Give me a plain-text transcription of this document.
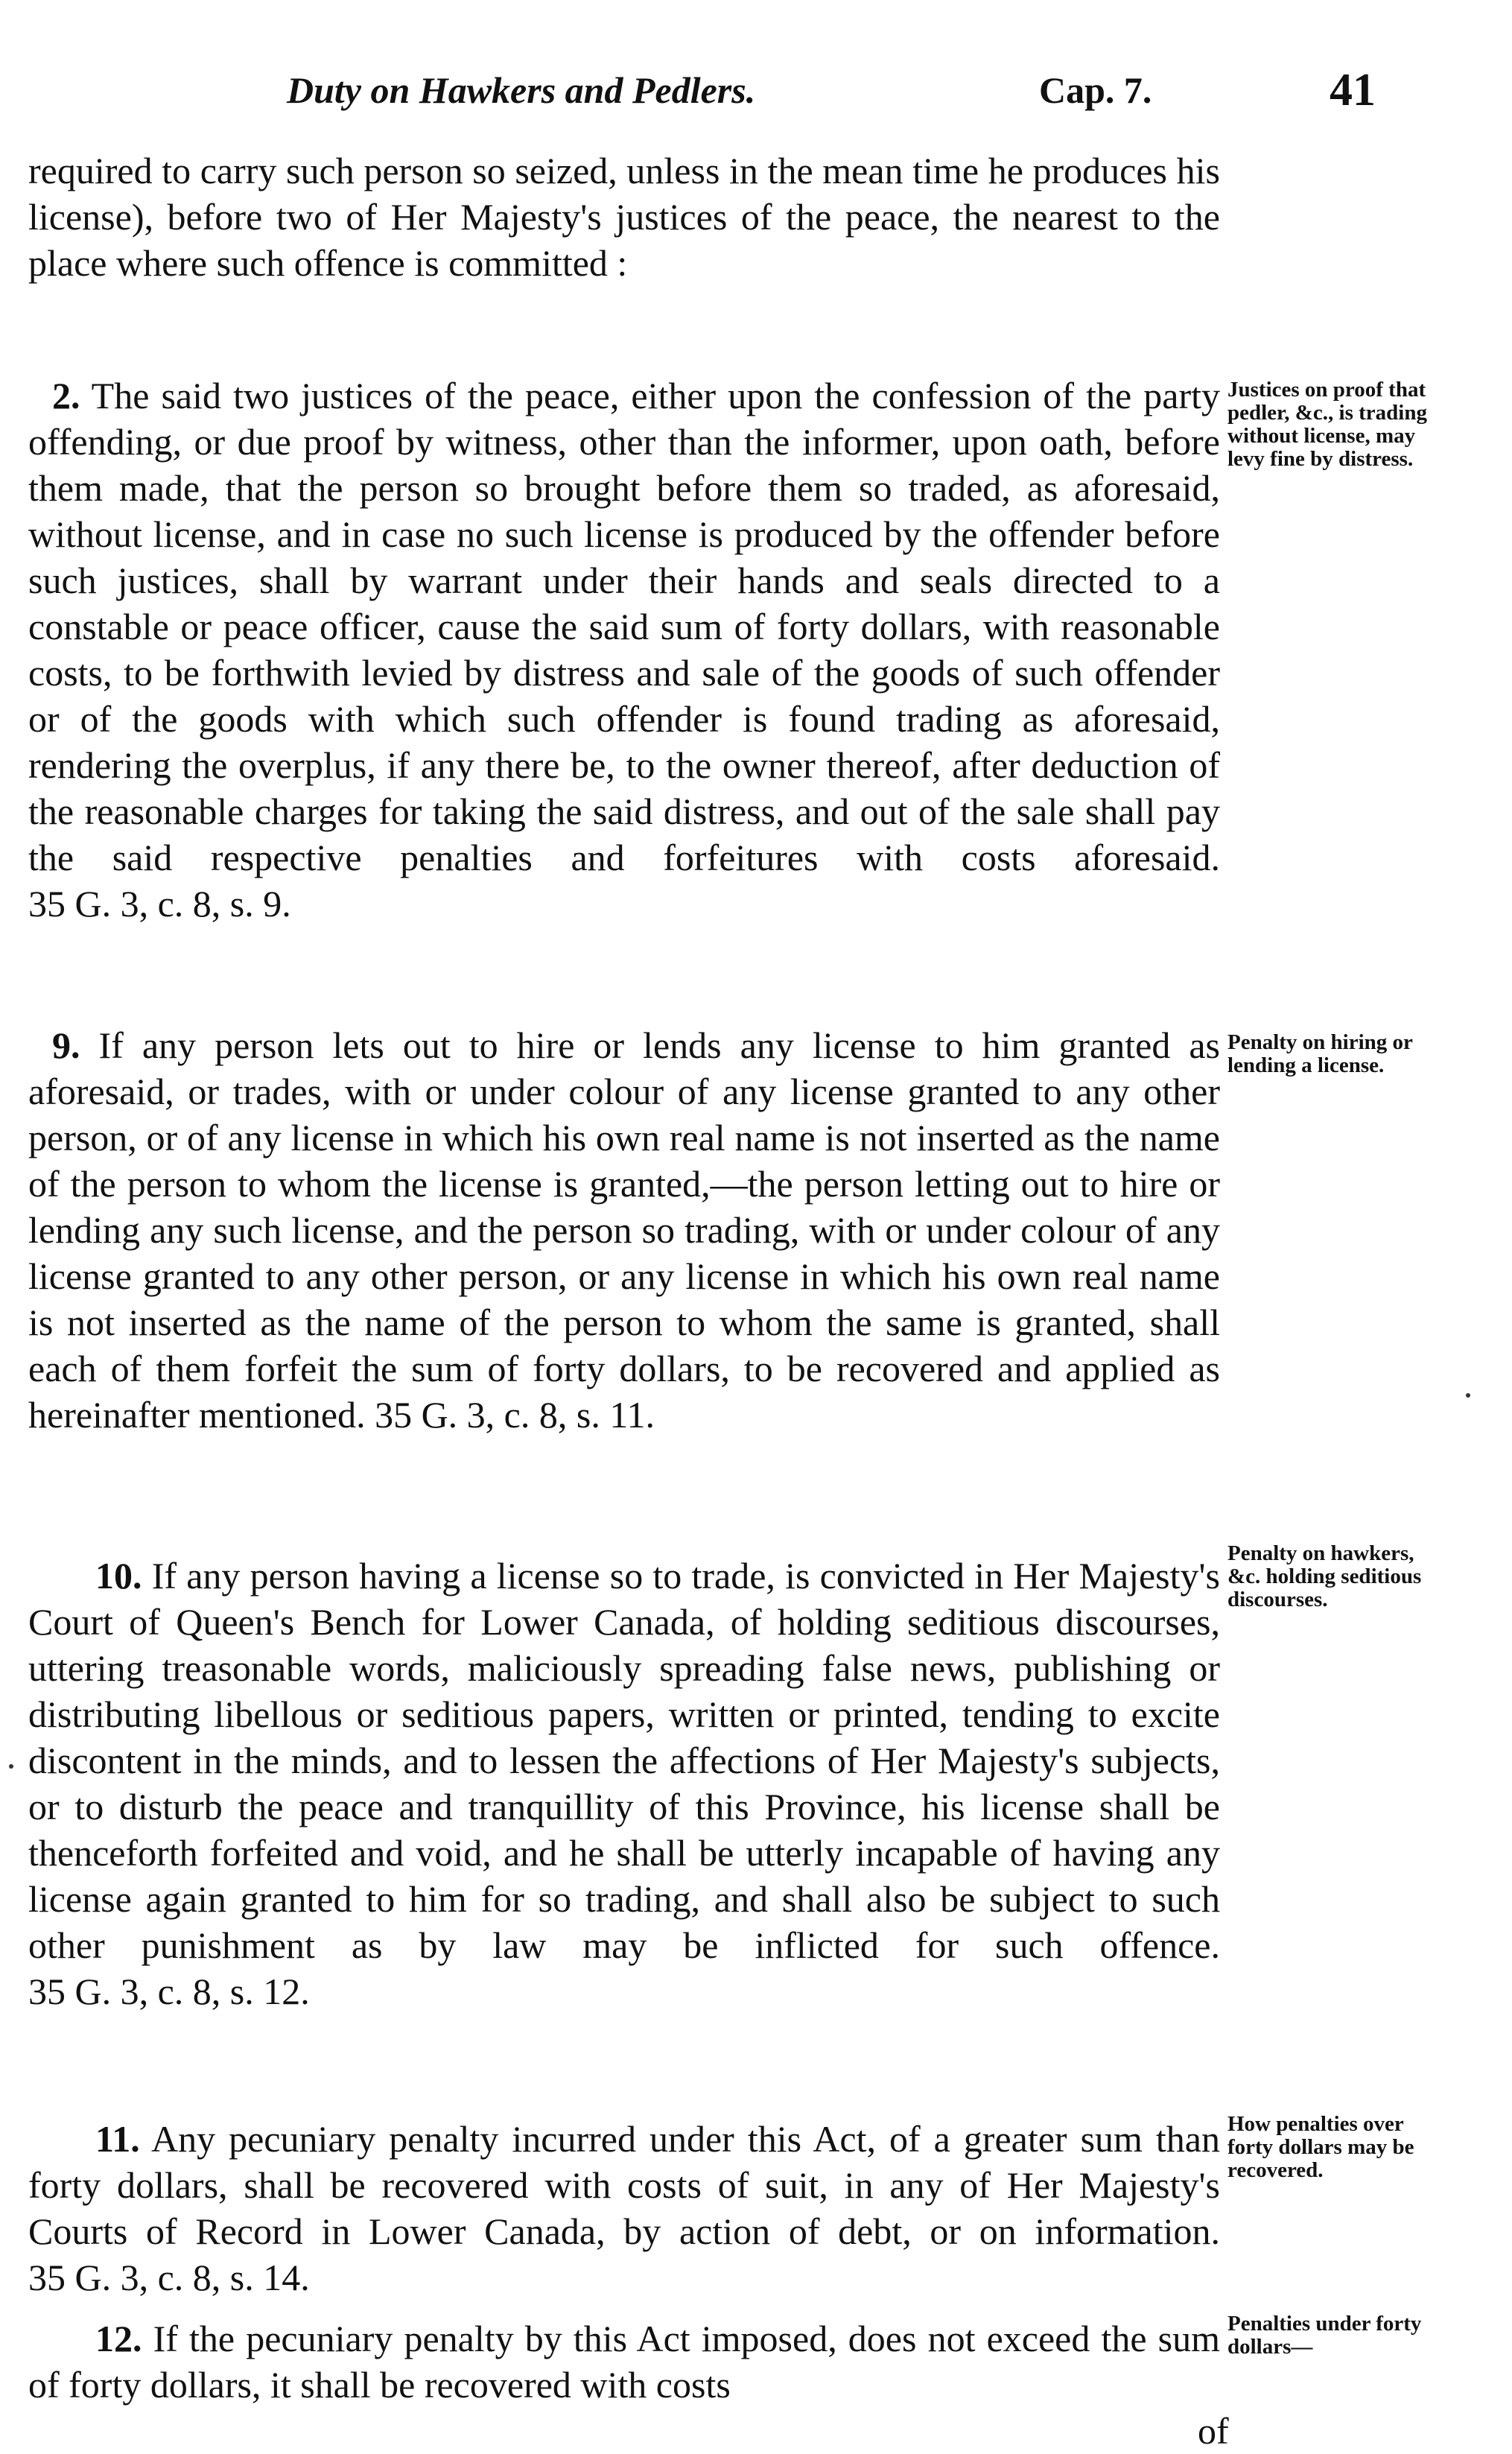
Duty on Hawkers and Pedlers.	Cap. 7.	41

required to carry such person so seized, unless in the mean time he produces his license), before two of Her Majesty's justices of the peace, the nearest to the place where such offence is committed :

2. The said two justices of the peace, either upon the confession of the party offending, or due proof by witness, other than the informer, upon oath, before them made, that the person so brought before them so traded, as aforesaid, without license, and in case no such license is produced by the offender before such justices, shall by warrant under their hands and seals directed to a constable or peace officer, cause the said sum of forty dollars, with reasonable costs, to be forthwith levied by distress and sale of the goods of such offender or of the goods with which such offender is found trading as aforesaid, rendering the overplus, if any there be, to the owner thereof, after deduction of the reasonable charges for taking the said distress, and out of the sale shall pay the said respective penalties and forfeitures with costs aforesaid. 35 G. 3, c. 8, s. 9.

9. If any person lets out to hire or lends any license to him granted as aforesaid, or trades, with or under colour of any license granted to any other person, or of any license in which his own real name is not inserted as the name of the person to whom the license is granted,—the person letting out to hire or lending any such license, and the person so trading, with or under colour of any license granted to any other person, or any license in which his own real name is not inserted as the name of the person to whom the same is granted, shall each of them forfeit the sum of forty dollars, to be recovered and applied as hereinafter mentioned. 35 G. 3, c. 8, s. 11.

10. If any person having a license so to trade, is convicted in Her Majesty's Court of Queen's Bench for Lower Canada, of holding seditious discourses, uttering treasonable words, maliciously spreading false news, publishing or distributing libellous or seditious papers, written or printed, tending to excite discontent in the minds, and to lessen the affections of Her Majesty's subjects, or to disturb the peace and tranquillity of this Province, his license shall be thenceforth forfeited and void, and he shall be utterly incapable of having any license again granted to him for so trading, and shall also be subject to such other punishment as by law may be inflicted for such offence. 35 G. 3, c. 8, s. 12.

11. Any pecuniary penalty incurred under this Act, of a greater sum than forty dollars, shall be recovered with costs of suit, in any of Her Majesty's Courts of Record in Lower Canada, by action of debt, or on information. 35 G. 3, c. 8, s. 14.

12. If the pecuniary penalty by this Act imposed, does not exceed the sum of forty dollars, it shall be recovered with costs

of
Justices on proof that pedler, &c., is trading without license, may levy fine by distress.
Penalty on hiring or lending a license.
Penalty on hawkers, &c. holding seditious discourses.
How penalties over forty dollars may be recovered.
Penalties under forty dollars—
